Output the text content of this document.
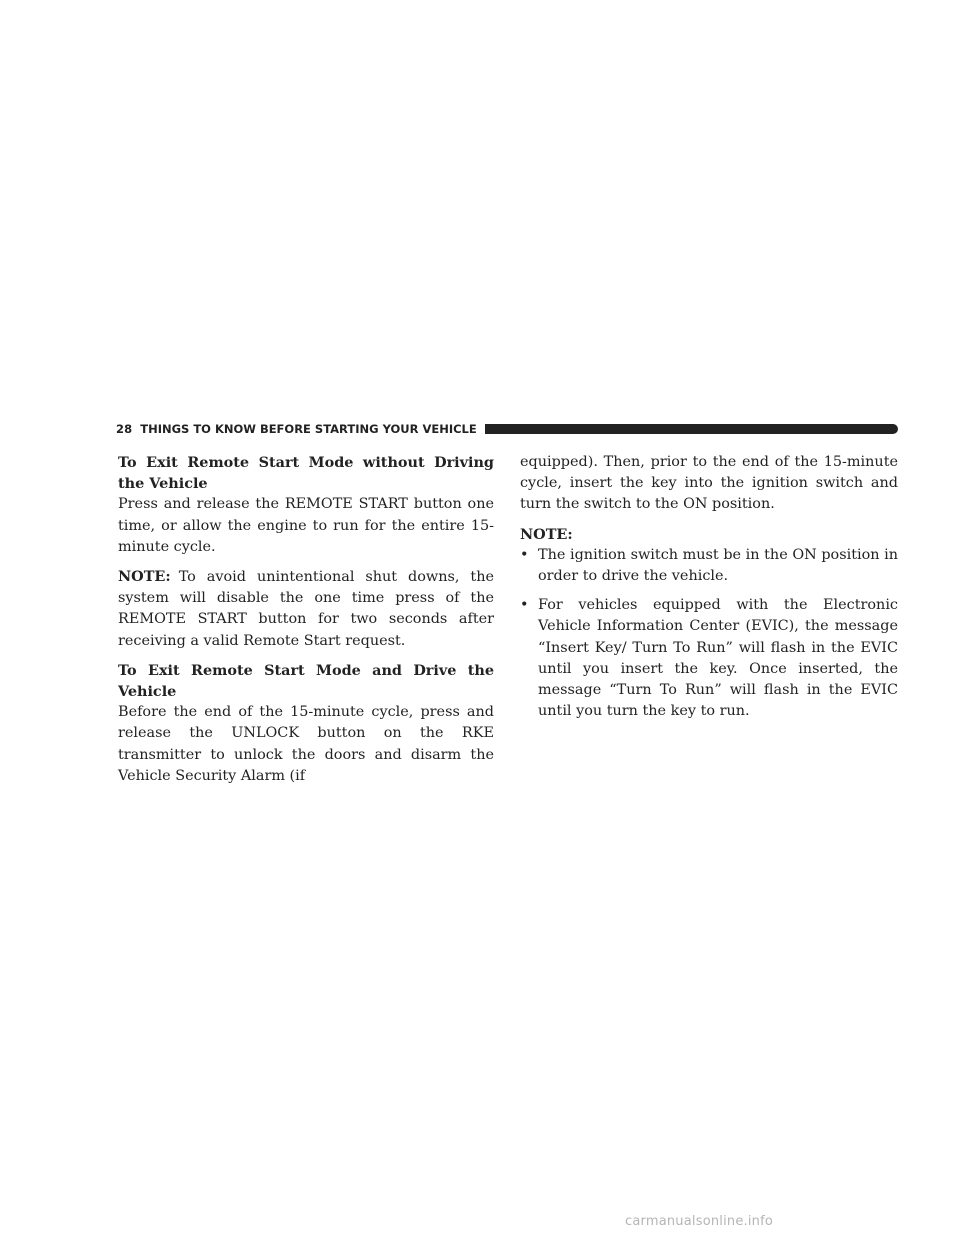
28 THINGS TO KNOW BEFORE STARTING YOUR VEHICLE

To Exit Remote Start Mode without Driving the Vehicle

Press and release the REMOTE START button one time, or allow the engine to run for the entire 15-minute cycle.

NOTE: To avoid unintentional shut downs, the system will disable the one time press of the REMOTE START button for two seconds after receiving a valid Remote Start request.

To Exit Remote Start Mode and Drive the Vehicle

Before the end of the 15-minute cycle, press and release the UNLOCK button on the RKE transmitter to unlock the doors and disarm the Vehicle Security Alarm (if

equipped). Then, prior to the end of the 15-minute cycle, insert the key into the ignition switch and turn the switch to the ON position.

NOTE:

• The ignition switch must be in the ON position in order to drive the vehicle.
• For vehicles equipped with the Electronic Vehicle Information Center (EVIC), the message “Insert Key/ Turn To Run” will flash in the EVIC until you insert the key. Once inserted, the message “Turn To Run” will flash in the EVIC until you turn the key to run.
carmanualsonline.info
